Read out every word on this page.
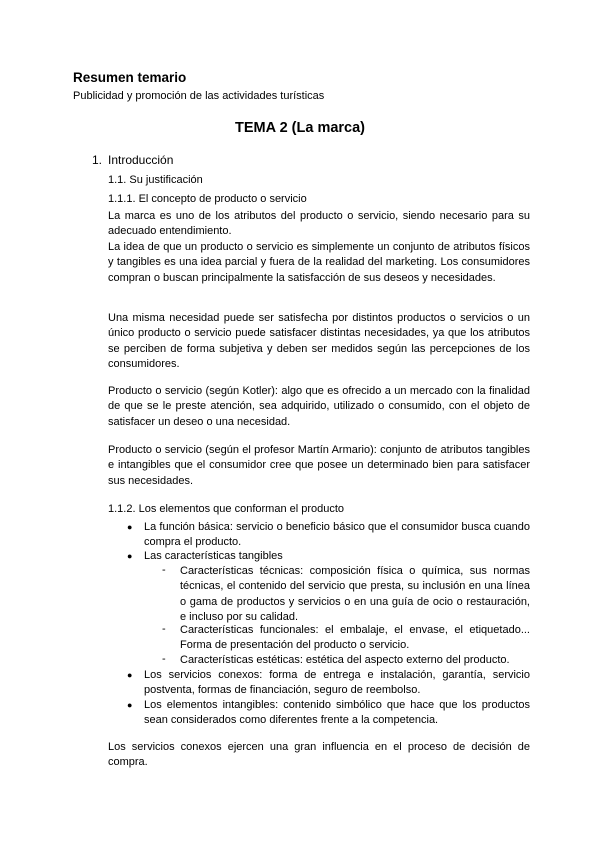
Resumen temario
Publicidad y promoción de las actividades turísticas
TEMA 2 (La marca)
1. Introducción
1.1. Su justificación
1.1.1. El concepto de producto o servicio

La marca es uno de los atributos del producto o servicio, siendo necesario para su adecuado entendimiento.

La idea de que un producto o servicio es simplemente un conjunto de atributos físicos y tangibles es una idea parcial y fuera de la realidad del marketing. Los consumidores compran o buscan principalmente la satisfacción de sus deseos y necesidades.

Una misma necesidad puede ser satisfecha por distintos productos o servicios o un único producto o servicio puede satisfacer distintas necesidades, ya que los atributos se perciben de forma subjetiva y deben ser medidos según las percepciones de los consumidores.
Producto o servicio (según Kotler): algo que es ofrecido a un mercado con la finalidad de que se le preste atención, sea adquirido, utilizado o consumido, con el objeto de satisfacer un deseo o una necesidad.
Producto o servicio (según el profesor Martín Armario): conjunto de atributos tangibles e intangibles que el consumidor cree que posee un determinado bien para satisfacer sus necesidades.
1.1.2. Los elementos que conforman el producto
● La función básica: servicio o beneficio básico que el consumidor busca cuando compra el producto.
● Las características tangibles
- Características técnicas: composición física o química, sus normas técnicas, el contenido del servicio que presta, su inclusión en una línea o gama de productos y servicios o en una guía de ocio o restauración, e incluso por su calidad.
- Características funcionales: el embalaje, el envase, el etiquetado... Forma de presentación del producto o servicio.
- Características estéticas: estética del aspecto externo del producto.
● Los servicios conexos: forma de entrega e instalación, garantía, servicio postventa, formas de financiación, seguro de reembolso.
● Los elementos intangibles: contenido simbólico que hace que los productos sean considerados como diferentes frente a la competencia.
Los servicios conexos ejercen una gran influencia en el proceso de decisión de compra.
